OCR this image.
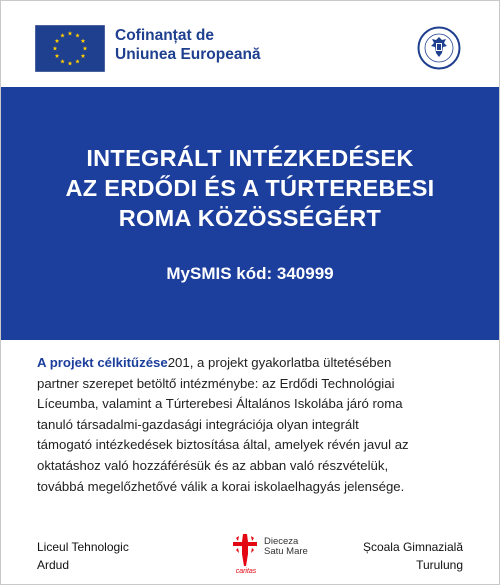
Cofinanțat de
Uniunea Europeană
INTEGRÁLT INTÉZKEDÉSEK
AZ ERDŐDI ÉS A TÚRTEREBESI
ROMA KÖZÖSSÉGÉRT
MySMIS kód: 340999
A projekt célkitűzése201, a projekt gyakorlatba ültetésében
partner szerepet betöltő intézménybe: az Erdődi Technológiai
Líceumba, valamint a Túrterebesi Általános Iskolába járó roma
tanuló társadalmi-gazdasági integrációja olyan integrált
támogató intézkedések biztosítása által, amelyek révén javul az
oktatáshoz való hozzáférésük és az abban való részvételük,
továbbá megelőzhetővé válik a korai iskolaelhagyás jelensége.
Liceul Tehnologic
Ardud	caritas
Dieceza
Satu Mare	Școala Gimnazială
Turulung
